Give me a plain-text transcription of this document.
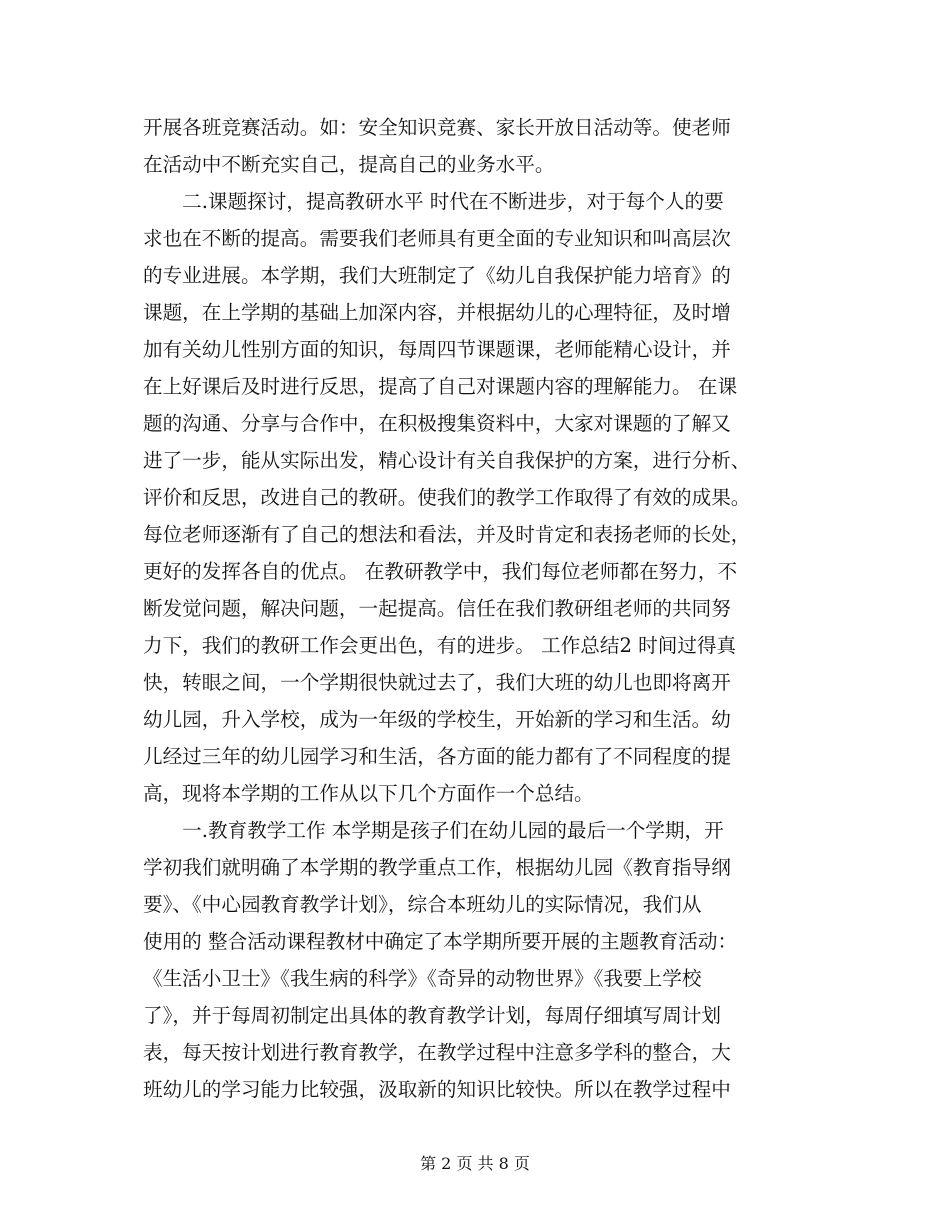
开展各班竞赛活动。如：安全知识竞赛、家长开放日活动等。使老师
在活动中不断充实自己，提高自己的业务水平。
　　二.课题探讨，提高教研水平 时代在不断进步，对于每个人的要
求也在不断的提高。需要我们老师具有更全面的专业知识和叫高层次
的专业进展。本学期，我们大班制定了《幼儿自我保护能力培育》的
课题，在上学期的基础上加深内容，并根据幼儿的心理特征，及时增
加有关幼儿性别方面的知识，每周四节课题课，老师能精心设计，并
在上好课后及时进行反思，提高了自己对课题内容的理解能力。 在课
题的沟通、分享与合作中，在积极搜集资料中，大家对课题的了解又
进了一步，能从实际出发，精心设计有关自我保护的方案，进行分析、
评价和反思，改进自己的教研。使我们的教学工作取得了有效的成果。
每位老师逐渐有了自己的想法和看法，并及时肯定和表扬老师的长处，
更好的发挥各自的优点。 在教研教学中，我们每位老师都在努力，不
断发觉问题，解决问题，一起提高。信任在我们教研组老师的共同努
力下，我们的教研工作会更出色，有的进步。 工作总结2 时间过得真
快，转眼之间，一个学期很快就过去了，我们大班的幼儿也即将离开
幼儿园，升入学校，成为一年级的学校生，开始新的学习和生活。幼
儿经过三年的幼儿园学习和生活，各方面的能力都有了不同程度的提
高，现将本学期的工作从以下几个方面作一个总结。
　　一.教育教学工作 本学期是孩子们在幼儿园的最后一个学期，开
学初我们就明确了本学期的教学重点工作，根据幼儿园《教育指导纲
要》、《中心园教育教学计划》，综合本班幼儿的实际情况，我们从
使用的 整合活动课程教材中确定了本学期所要开展的主题教育活动：
《生活小卫士》《我生病的科学》《奇异的动物世界》《我要上学校
了》，并于每周初制定出具体的教育教学计划，每周仔细填写周计划
表，每天按计划进行教育教学，在教学过程中注意多学科的整合，大
班幼儿的学习能力比较强，汲取新的知识比较快。所以在教学过程中
第 2 页 共 8 页
